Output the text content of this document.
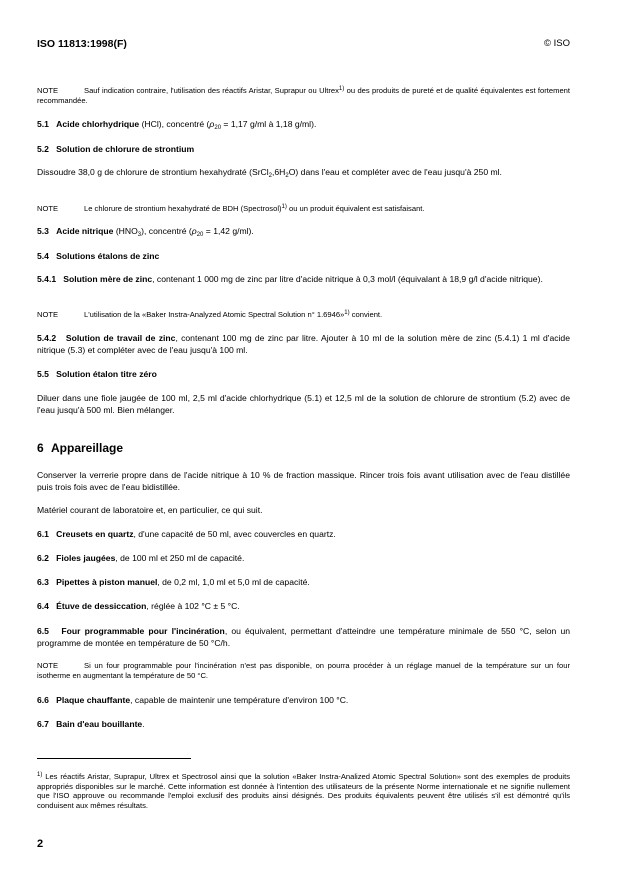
ISO 11813:1998(F)	© ISO
NOTE	Sauf indication contraire, l'utilisation des réactifs Aristar, Suprapur ou Ultrex$^{1)}$ ou des produits de pureté et de qualité équivalentes est fortement recommandée.
5.1 Acide chlorhydrique (HCl), concentré ($\rho_{20} = 1,17$ g/ml à 1,18 g/ml).
5.2 Solution de chlorure de strontium
Dissoudre 38,0 g de chlorure de strontium hexahydraté $(SrCl_2,6H_2O)$ dans l'eau et compléter avec de l'eau jusqu'à 250 ml.
NOTE	Le chlorure de strontium hexahydraté de BDH (Spectrosol)$^{1)}$ ou un produit équivalent est satisfaisant.
5.3 Acide nitrique $(HNO_3)$, concentré ($\rho_{20} = 1,42$ g/ml).
5.4 Solutions étalons de zinc
5.4.1 Solution mère de zinc, contenant 1 000 mg de zinc par litre d'acide nitrique à 0,3 mol/l (équivalant à 18,9 g/l d'acide nitrique).
NOTE	L'utilisation de la «Baker Instra-Analyzed Atomic Spectral Solution n° 1.6946»$^{1)}$ convient.
5.4.2 Solution de travail de zinc, contenant 100 mg de zinc par litre. Ajouter à 10 ml de la solution mère de zinc (5.4.1) 1 ml d'acide nitrique (5.3) et compléter avec de l'eau jusqu'à 100 ml.
5.5 Solution étalon titre zéro
Diluer dans une fiole jaugée de 100 ml, 2,5 ml d'acide chlorhydrique (5.1) et 12,5 ml de la solution de chlorure de strontium (5.2) avec de l'eau jusqu'à 500 ml. Bien mélanger.
6 Appareillage
Conserver la verrerie propre dans de l'acide nitrique à 10 % de fraction massique. Rincer trois fois avant utilisation avec de l'eau distillée puis trois fois avec de l'eau bidistillée.
Matériel courant de laboratoire et, en particulier, ce qui suit.
6.1 Creusets en quartz, d'une capacité de 50 ml, avec couvercles en quartz.
6.2 Fioles jaugées, de 100 ml et 250 ml de capacité.
6.3 Pipettes à piston manuel, de 0,2 ml, 1,0 ml et 5,0 ml de capacité.
6.4 Étuve de dessiccation, réglée à 102 °C ± 5 °C.
6.5 Four programmable pour l'incinération, ou équivalent, permettant d'atteindre une température minimale de 550 °C, selon un programme de montée en température de 50 °C/h.
NOTE	Si un four programmable pour l'incinération n'est pas disponible, on pourra procéder à un réglage manuel de la température sur un four isotherme en augmentant la température de 50 °C.
6.6 Plaque chauffante, capable de maintenir une température d'environ 100 °C.
6.7 Bain d'eau bouillante.
$^{1)}$ Les réactifs Aristar, Suprapur, Ultrex et Spectrosol ainsi que la solution «Baker Instra-Analized Atomic Spectral Solution» sont des exemples de produits appropriés disponibles sur le marché. Cette information est donnée à l'intention des utilisateurs de la présente Norme internationale et ne signifie nullement que l'ISO approuve ou recommande l'emploi exclusif des produits ainsi désignés. Des produits équivalents peuvent être utilisés s'il est démontré qu'ils conduisent aux mêmes résultats.
2
